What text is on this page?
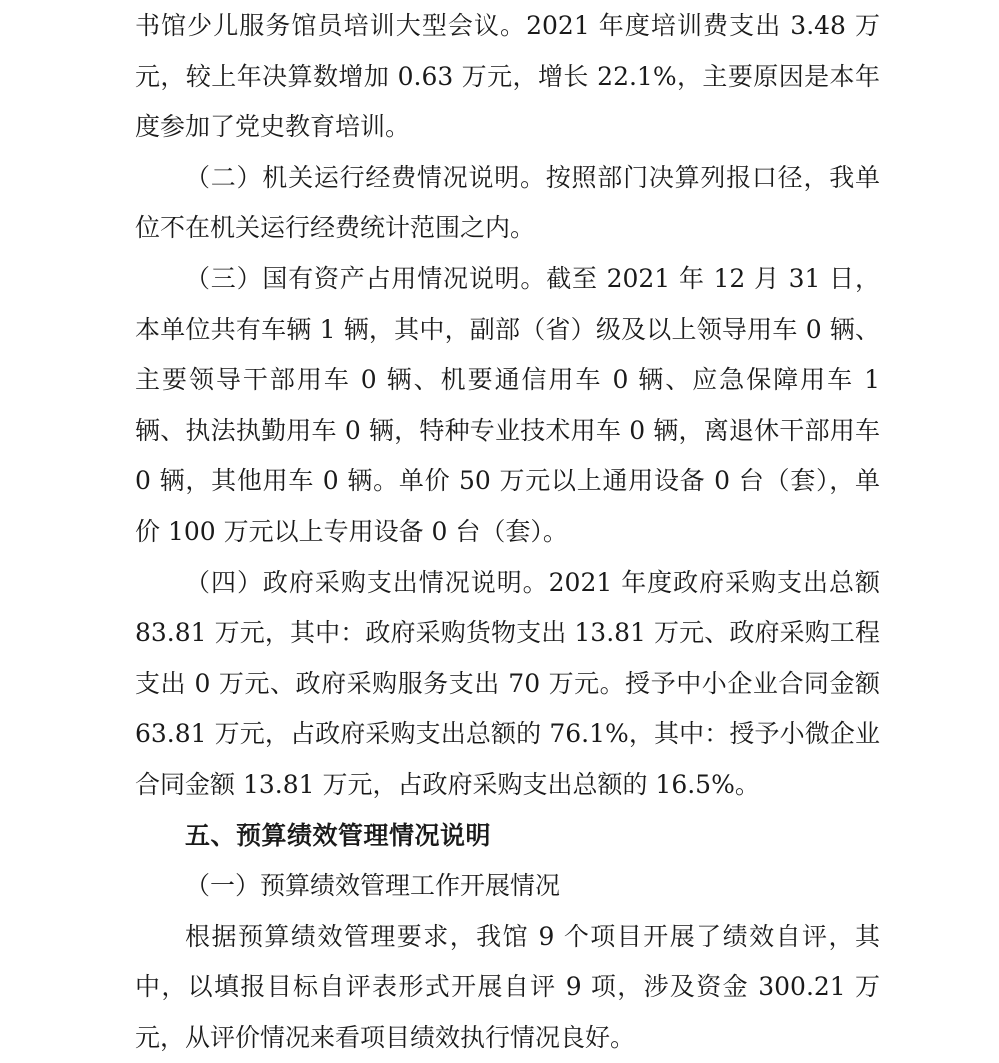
书馆少儿服务馆员培训大型会议。2021 年度培训费支出 3.48 万元，较上年决算数增加 0.63 万元，增长 22.1%，主要原因是本年度参加了党史教育培训。

（二）机关运行经费情况说明。按照部门决算列报口径，我单位不在机关运行经费统计范围之内。

（三）国有资产占用情况说明。截至 2021 年 12 月 31 日，本单位共有车辆 1 辆，其中，副部（省）级及以上领导用车 0 辆、主要领导干部用车 0 辆、机要通信用车 0 辆、应急保障用车 1 辆、执法执勤用车 0 辆，特种专业技术用车 0 辆，离退休干部用车 0 辆，其他用车 0 辆。单价 50 万元以上通用设备 0 台（套），单价 100 万元以上专用设备 0 台（套）。

（四）政府采购支出情况说明。2021 年度政府采购支出总额 83.81 万元，其中：政府采购货物支出 13.81 万元、政府采购工程支出 0 万元、政府采购服务支出 70 万元。授予中小企业合同金额 63.81 万元，占政府采购支出总额的 76.1%，其中：授予小微企业合同金额 13.81 万元，占政府采购支出总额的 16.5%。

五、预算绩效管理情况说明

（一）预算绩效管理工作开展情况

根据预算绩效管理要求，我馆 9 个项目开展了绩效自评，其中，以填报目标自评表形式开展自评 9 项，涉及资金 300.21 万元，从评价情况来看项目绩效执行情况良好。
